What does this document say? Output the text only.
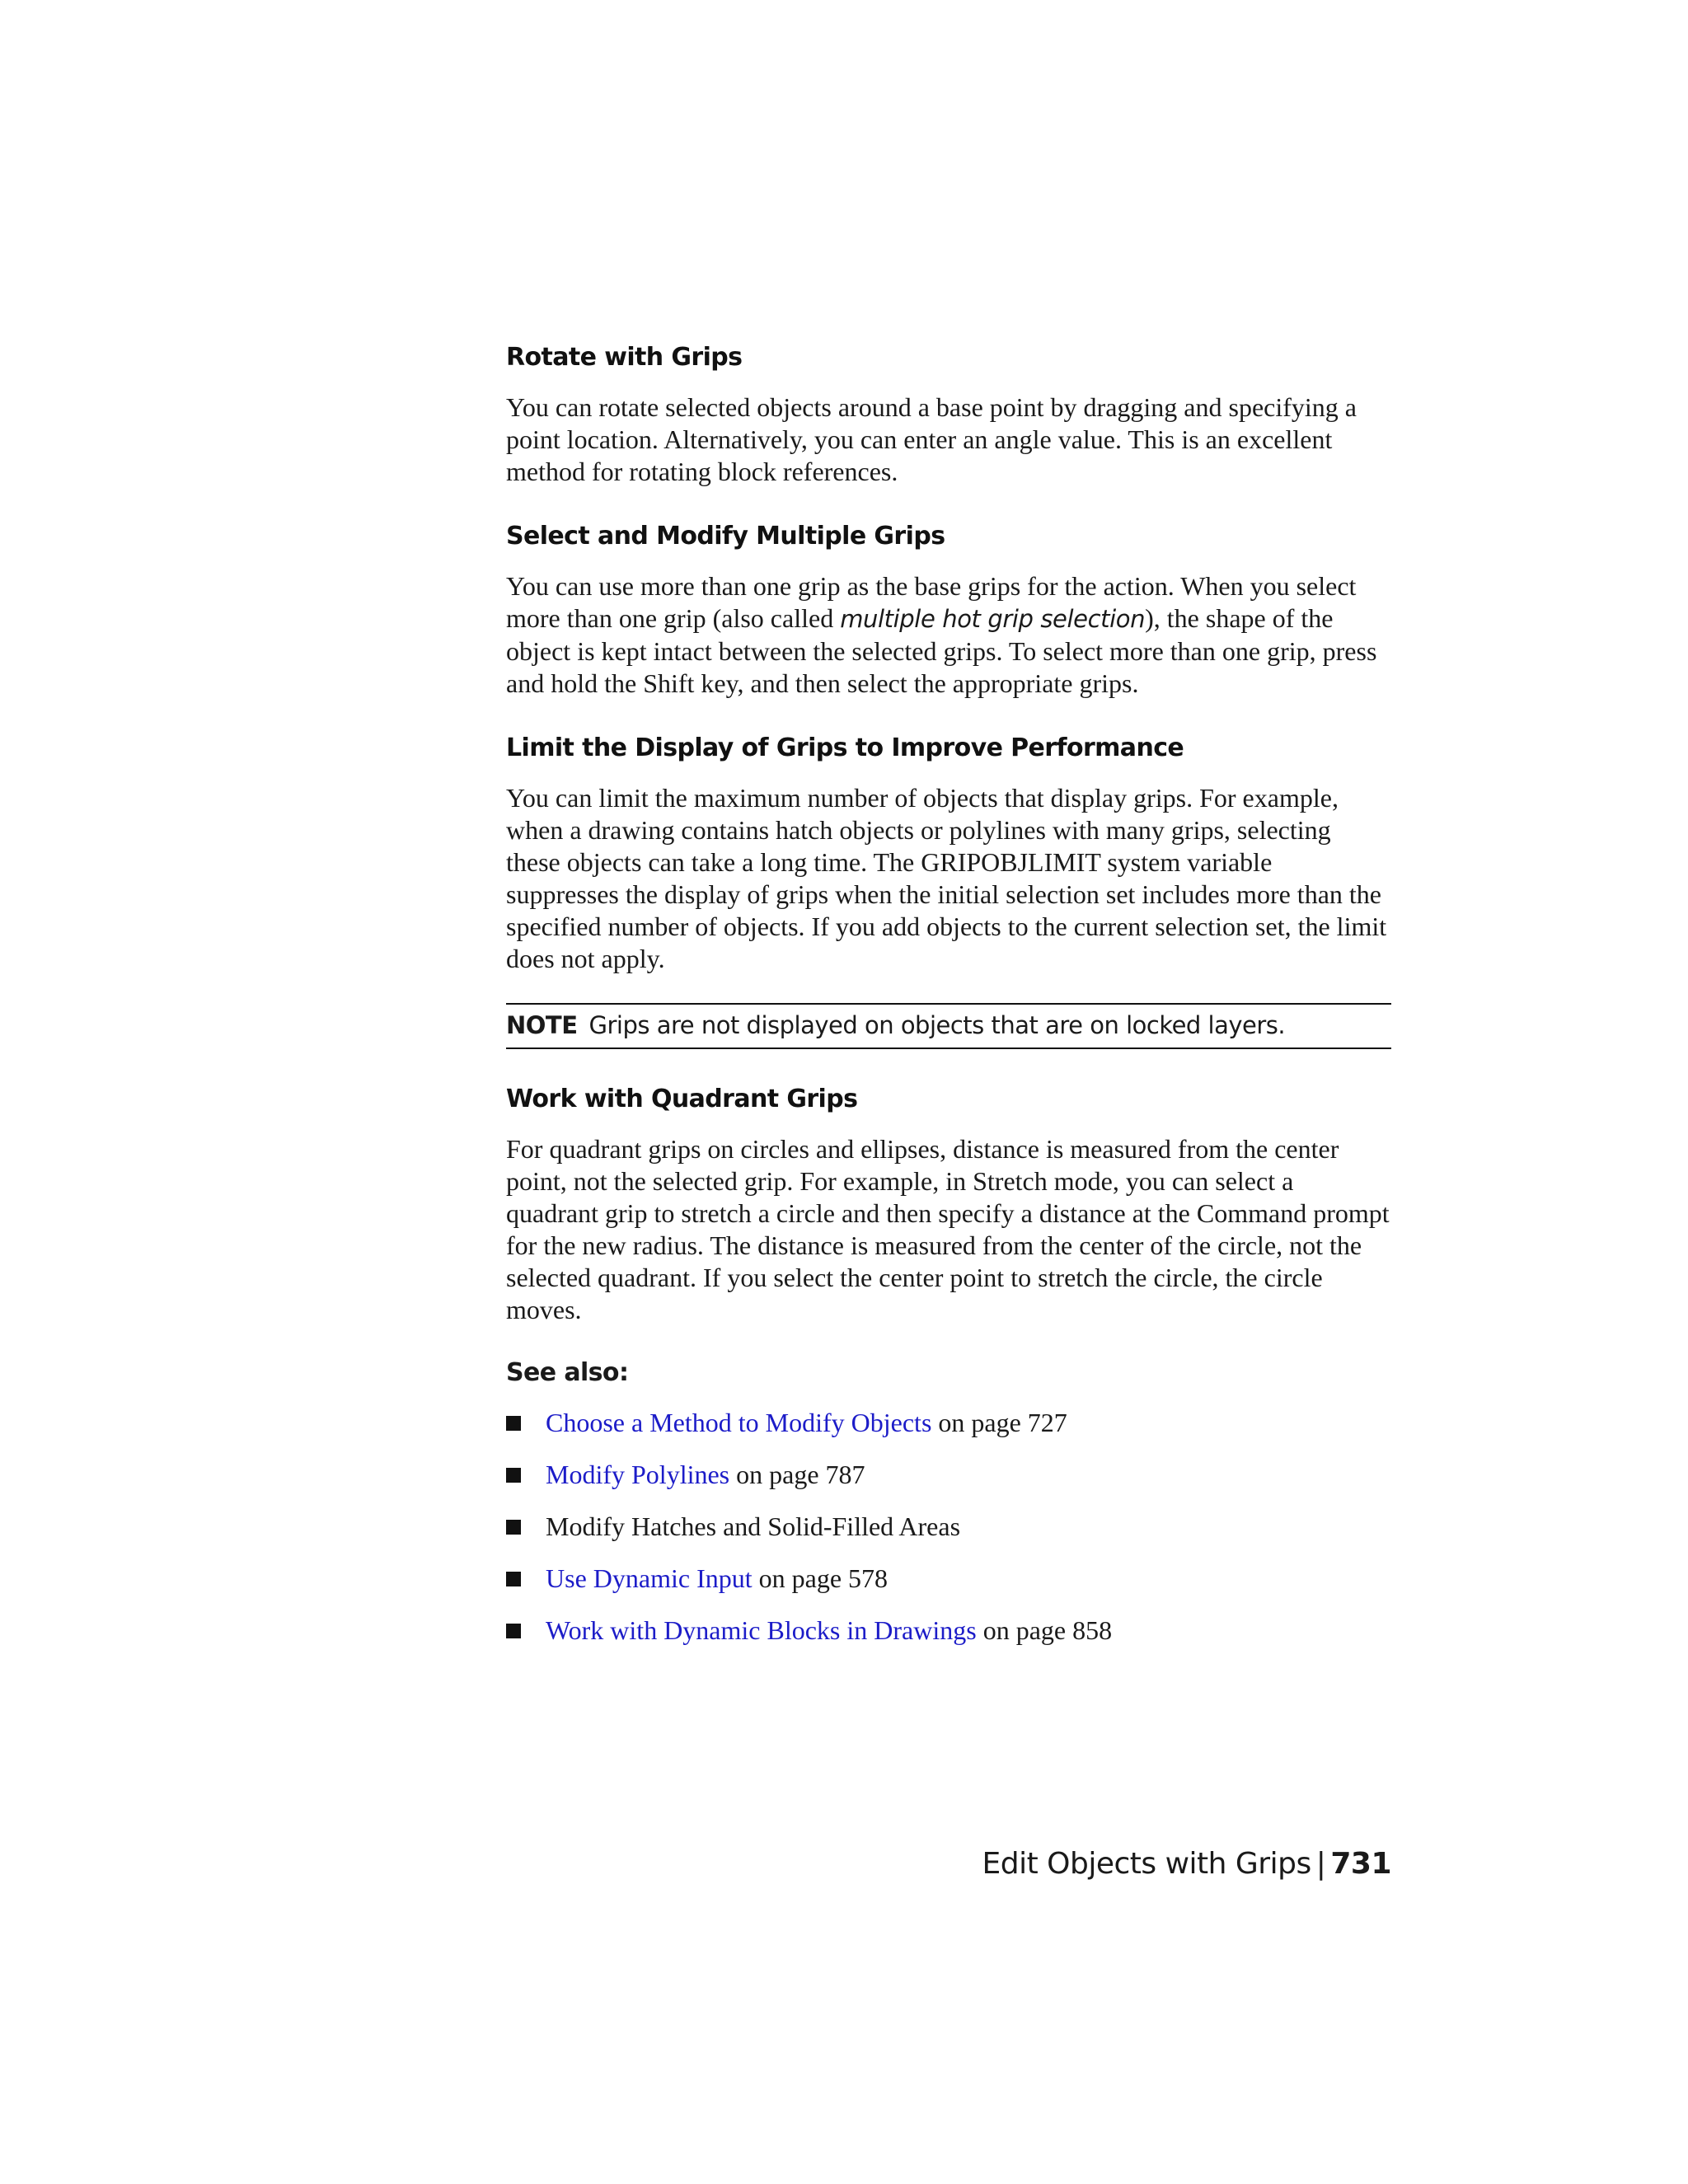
Rotate with Grips

You can rotate selected objects around a base point by dragging and specifying a point location. Alternatively, you can enter an angle value. This is an excellent method for rotating block references.

Select and Modify Multiple Grips

You can use more than one grip as the base grips for the action. When you select more than one grip (also called multiple hot grip selection), the shape of the object is kept intact between the selected grips. To select more than one grip, press and hold the Shift key, and then select the appropriate grips.

Limit the Display of Grips to Improve Performance

You can limit the maximum number of objects that display grips. For example, when a drawing contains hatch objects or polylines with many grips, selecting these objects can take a long time. The GRIPOBJLIMIT system variable suppresses the display of grips when the initial selection set includes more than the specified number of objects. If you add objects to the current selection set, the limit does not apply.

NOTE Grips are not displayed on objects that are on locked layers.
Work with Quadrant Grips

For quadrant grips on circles and ellipses, distance is measured from the center point, not the selected grip. For example, in Stretch mode, you can select a quadrant grip to stretch a circle and then specify a distance at the Command prompt for the new radius. The distance is measured from the center of the circle, not the selected quadrant. If you select the center point to stretch the circle, the circle moves.

See also:
Choose a Method to Modify Objects on page 727
Modify Polylines on page 787
Modify Hatches and Solid-Filled Areas
Use Dynamic Input on page 578
Work with Dynamic Blocks in Drawings on page 858
Edit Objects with Grips | 731
